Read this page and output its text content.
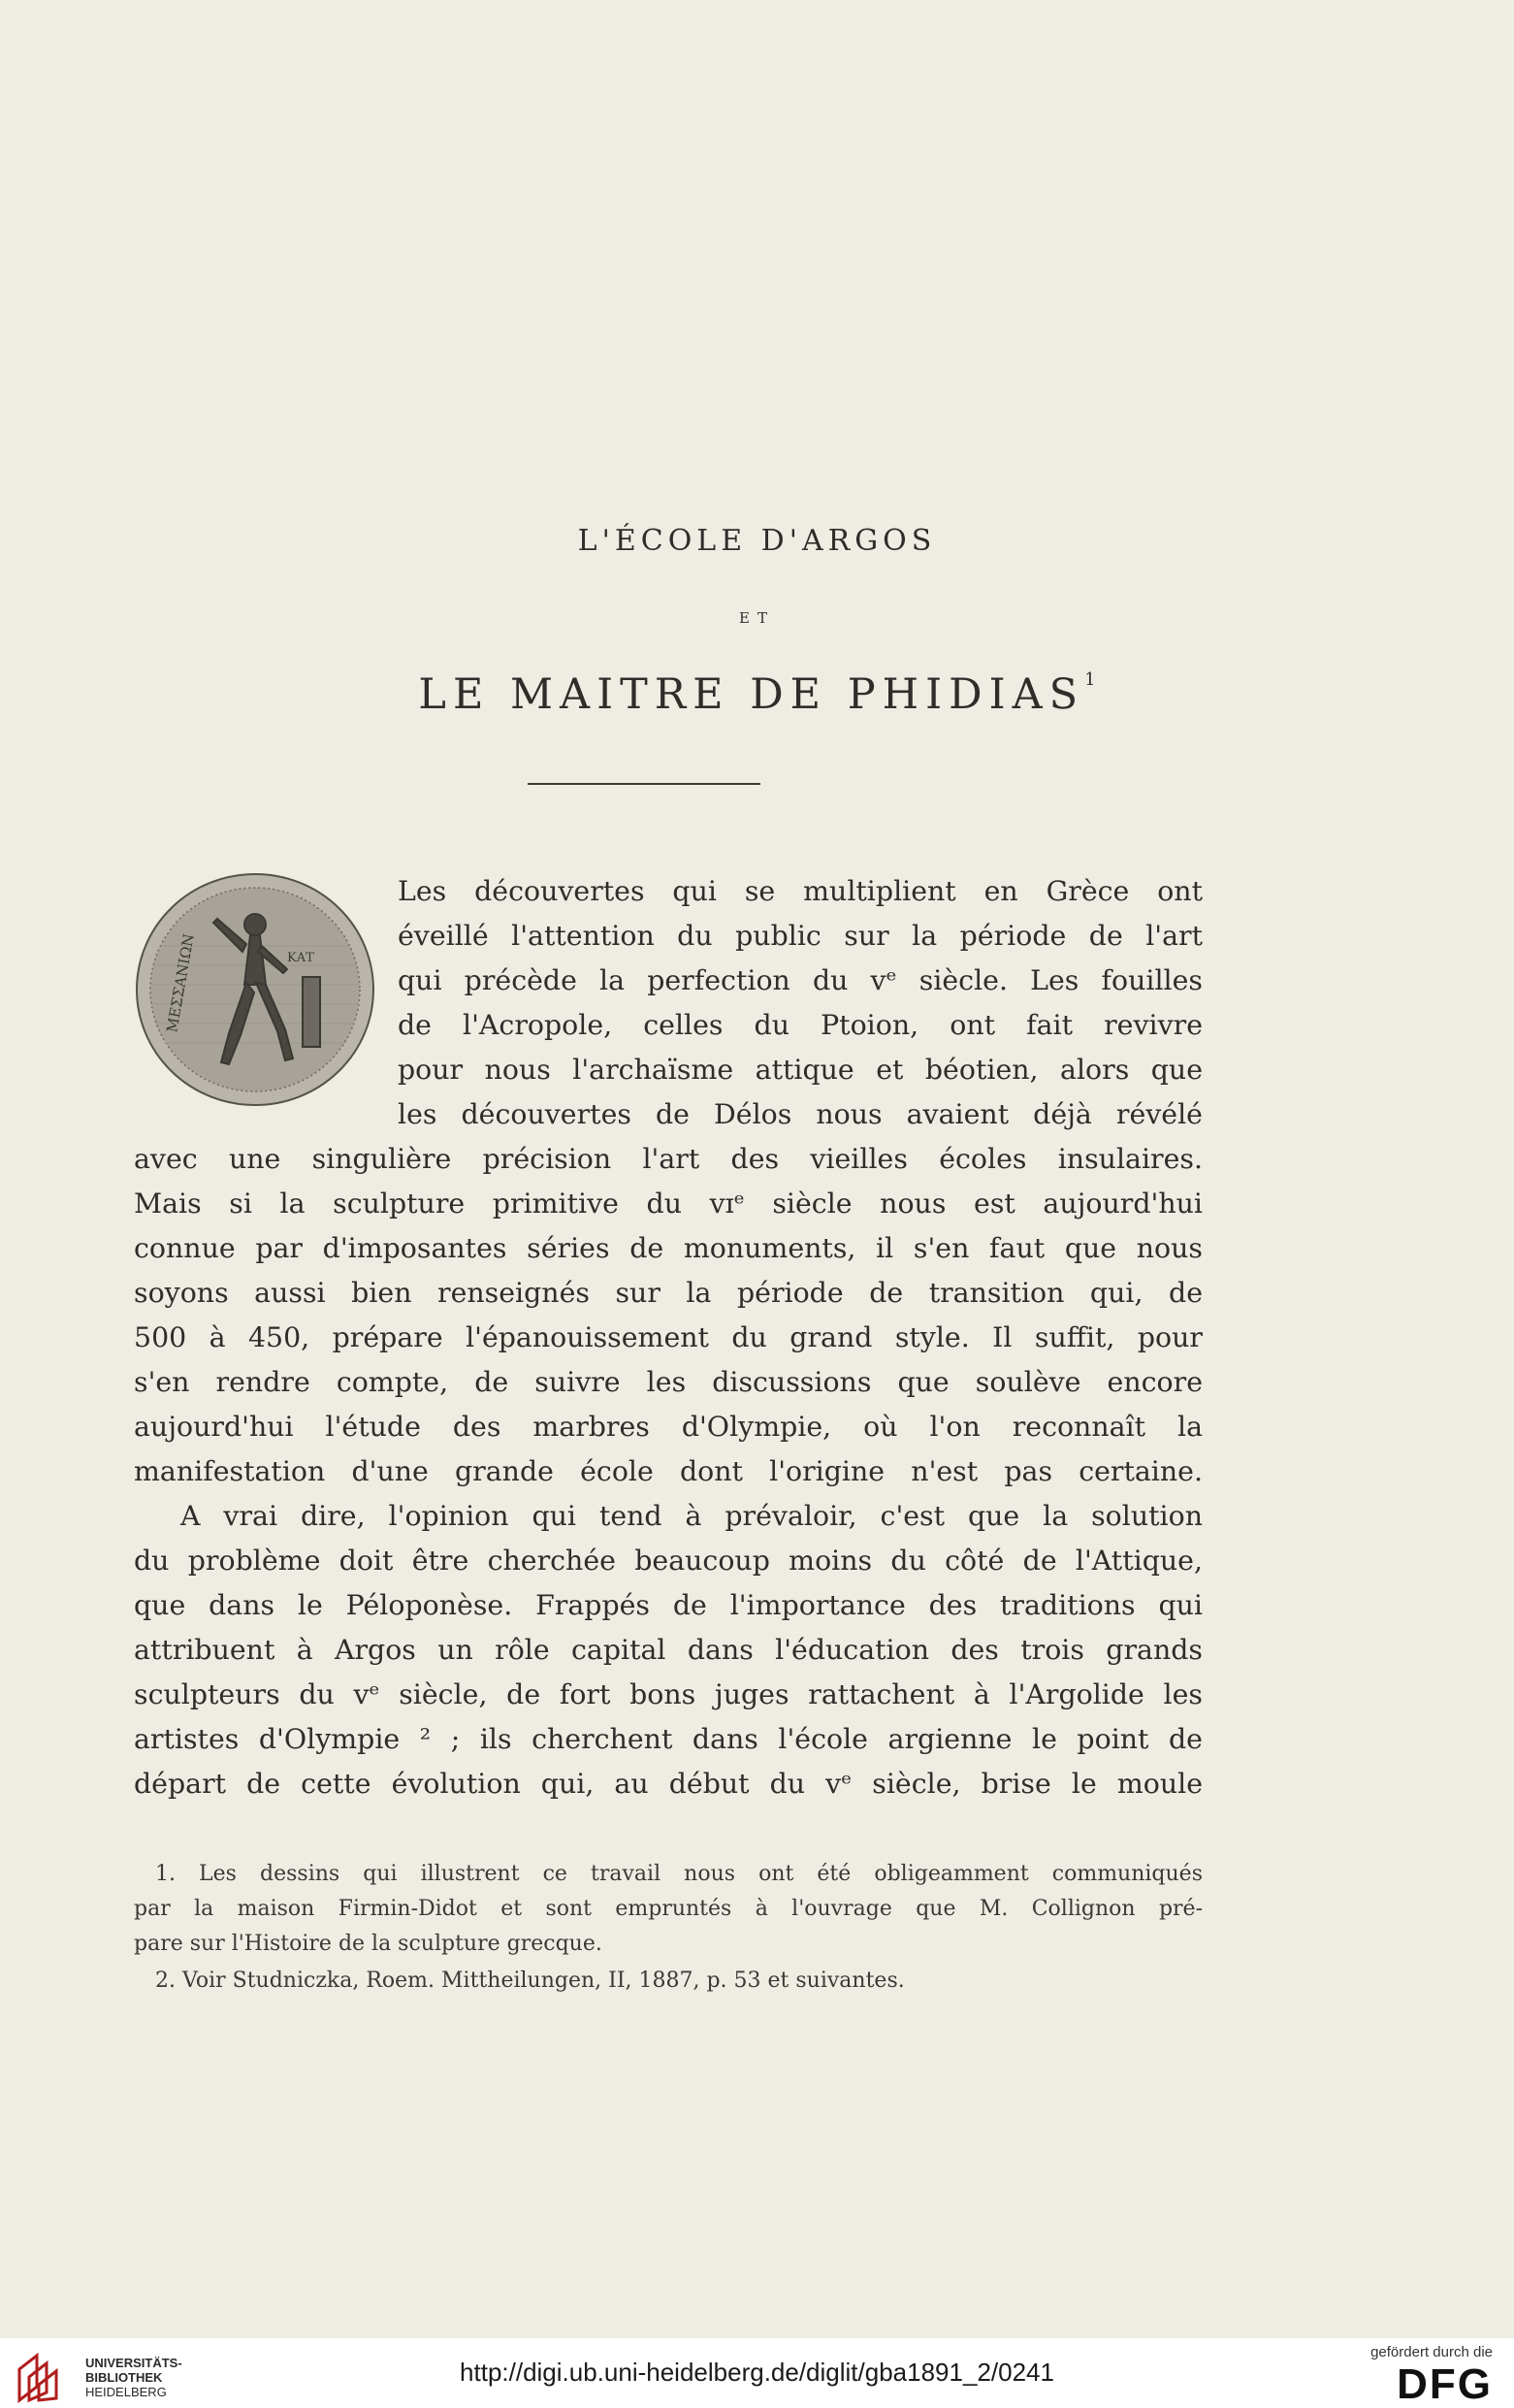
L'ÉCOLE D'ARGOS
ET
LE MAITRE DE PHIDIAS$^1$
ΜΕΣΣΑΝΙΩΝ	ΚΑΤ

Les découvertes qui se multiplient en Grèce ont

éveillé l'attention du public sur la période de l'art

qui précède la perfection du vᵉ siècle. Les fouilles

de l'Acropole, celles du Ptoion, ont fait revivre

pour nous l'archaïsme attique et béotien, alors que

les découvertes de Délos nous avaient déjà révélé

avec une singulière précision l'art des vieilles écoles insulaires.

Mais si la sculpture primitive du vɪᵉ siècle nous est aujourd'hui

connue par d'imposantes séries de monuments, il s'en faut que nous

soyons aussi bien renseignés sur la période de transition qui, de

500 à 450, prépare l'épanouissement du grand style. Il suffit, pour

s'en rendre compte, de suivre les discussions que soulève encore

aujourd'hui l'étude des marbres d'Olympie, où l'on reconnaît la

manifestation d'une grande école dont l'origine n'est pas certaine.

A vrai dire, l'opinion qui tend à prévaloir, c'est que la solution

du problème doit être cherchée beaucoup moins du côté de l'Attique,

que dans le Péloponèse. Frappés de l'importance des traditions qui

attribuent à Argos un rôle capital dans l'éducation des trois grands

sculpteurs du vᵉ siècle, de fort bons juges rattachent à l'Argolide les

artistes d'Olympie ² ; ils cherchent dans l'école argienne le point de

départ de cette évolution qui, au début du vᵉ siècle, brise le moule

1. Les dessins qui illustrent ce travail nous ont été obligeamment communiqués

par la maison Firmin-Didot et sont empruntés à l'ouvrage que M. Collignon pré-

pare sur l'Histoire de la sculpture grecque.

2. Voir Studniczka, Roem. Mittheilungen, II, 1887, p. 53 et suivantes.

UNIVERSITÄTS-
BIBLIOTHEK
HEIDELBERG
http://digi.ub.uni-heidelberg.de/diglit/gba1891_2/0241
gefördert durch die
DFG
